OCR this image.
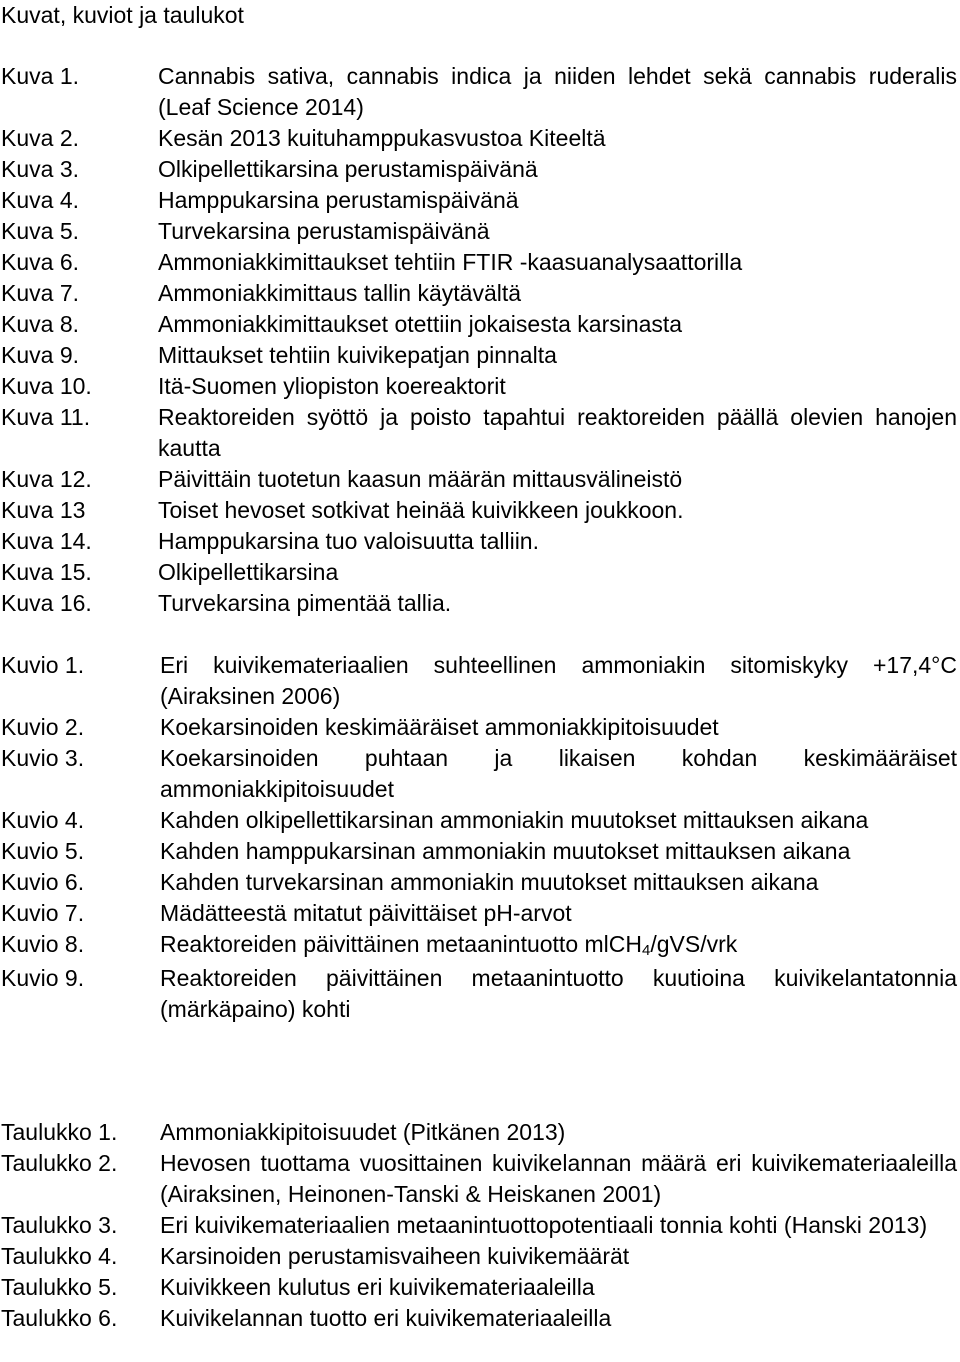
Kuvat, kuviot ja taulukot
Kuva 1.	Cannabis sativa, cannabis indica ja niiden lehdet sekä cannabis ruderalis (Leaf Science 2014)
Kuva 2.	Kesän 2013 kuituhamppukasvustoa Kiteeltä
Kuva 3.	Olkipellettikarsina perustamispäivänä
Kuva 4.	Hamppukarsina perustamispäivänä
Kuva 5.	Turvekarsina perustamispäivänä
Kuva 6.	Ammoniakkimittaukset tehtiin FTIR -kaasuanalysaattorilla
Kuva 7.	Ammoniakkimittaus tallin käytävältä
Kuva 8.	Ammoniakkimittaukset otettiin jokaisesta karsinasta
Kuva 9.	Mittaukset tehtiin kuivikepatjan pinnalta
Kuva 10.	Itä-Suomen yliopiston koereaktorit
Kuva 11.	Reaktoreiden syöttö ja poisto tapahtui reaktoreiden päällä olevien hanojen kautta
Kuva 12.	Päivittäin tuotetun kaasun määrän mittausvälineistö
Kuva 13	Toiset hevoset sotkivat heinää kuivikkeen joukkoon.
Kuva 14.	Hamppukarsina tuo valoisuutta talliin.
Kuva 15.	Olkipellettikarsina
Kuva 16.	Turvekarsina pimentää tallia.
Kuvio 1.	Eri kuivikemateriaalien suhteellinen ammoniakin sitomiskyky +17,4°C (Airaksinen 2006)
Kuvio 2.	Koekarsinoiden keskimääräiset ammoniakkipitoisuudet
Kuvio 3.	Koekarsinoiden puhtaan ja likaisen kohdan keskimääräiset ammoniakkipitoisuudet
Kuvio 4.	Kahden olkipellettikarsinan ammoniakin muutokset mittauksen aikana
Kuvio 5.	Kahden hamppukarsinan ammoniakin muutokset mittauksen aikana
Kuvio 6.	Kahden turvekarsinan ammoniakin muutokset mittauksen aikana
Kuvio 7.	Mädätteestä mitatut päivittäiset pH-arvot
Kuvio 8.	Reaktoreiden päivittäinen metaanintuotto mlCH$_4$/gVS/vrk
Kuvio 9.	Reaktoreiden päivittäinen metaanintuotto kuutioina kuivikelantatonnia (märkäpaino) kohti
Taulukko 1. Ammoniakkipitoisuudet (Pitkänen 2013)
Taulukko 2. Hevosen tuottama vuosittainen kuivikelannan määrä eri kuivikemateriaaleilla (Airaksinen, Heinonen-Tanski & Heiskanen 2001)
Taulukko 3. Eri kuivikemateriaalien metaanintuottopotentiaali tonnia kohti (Hanski 2013)
Taulukko 4. Karsinoiden perustamisvaiheen kuivikemäärät
Taulukko 5. Kuivikkeen kulutus eri kuivikemateriaaleilla
Taulukko 6. Kuivikelannan tuotto eri kuivikemateriaaleilla
